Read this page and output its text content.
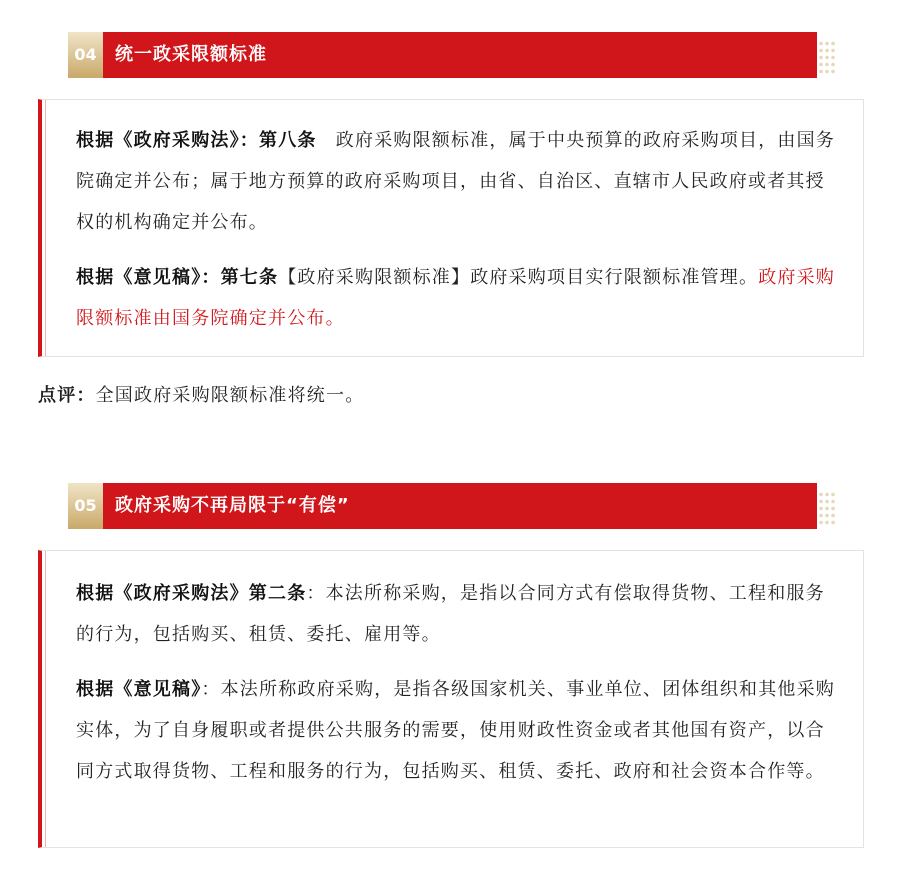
04	统一政采限额标准

根据《政府采购法》：第八条　政府采购限额标准，属于中央预算的政府采购项目，由国务院确定并公布；属于地方预算的政府采购项目，由省、自治区、直辖市人民政府或者其授权的机构确定并公布。

根据《意见稿》：第七条【政府采购限额标准】政府采购项目实行限额标准管理。政府采购限额标准由国务院确定并公布。

点评：全国政府采购限额标准将统一。
05	政府采购不再局限于“有偿”

根据《政府采购法》第二条：本法所称采购，是指以合同方式有偿取得货物、工程和服务的行为，包括购买、租赁、委托、雇用等。

根据《意见稿》：本法所称政府采购，是指各级国家机关、事业单位、团体组织和其他采购实体，为了自身履职或者提供公共服务的需要，使用财政性资金或者其他国有资产，以合同方式取得货物、工程和服务的行为，包括购买、租赁、委托、政府和社会资本合作等。
